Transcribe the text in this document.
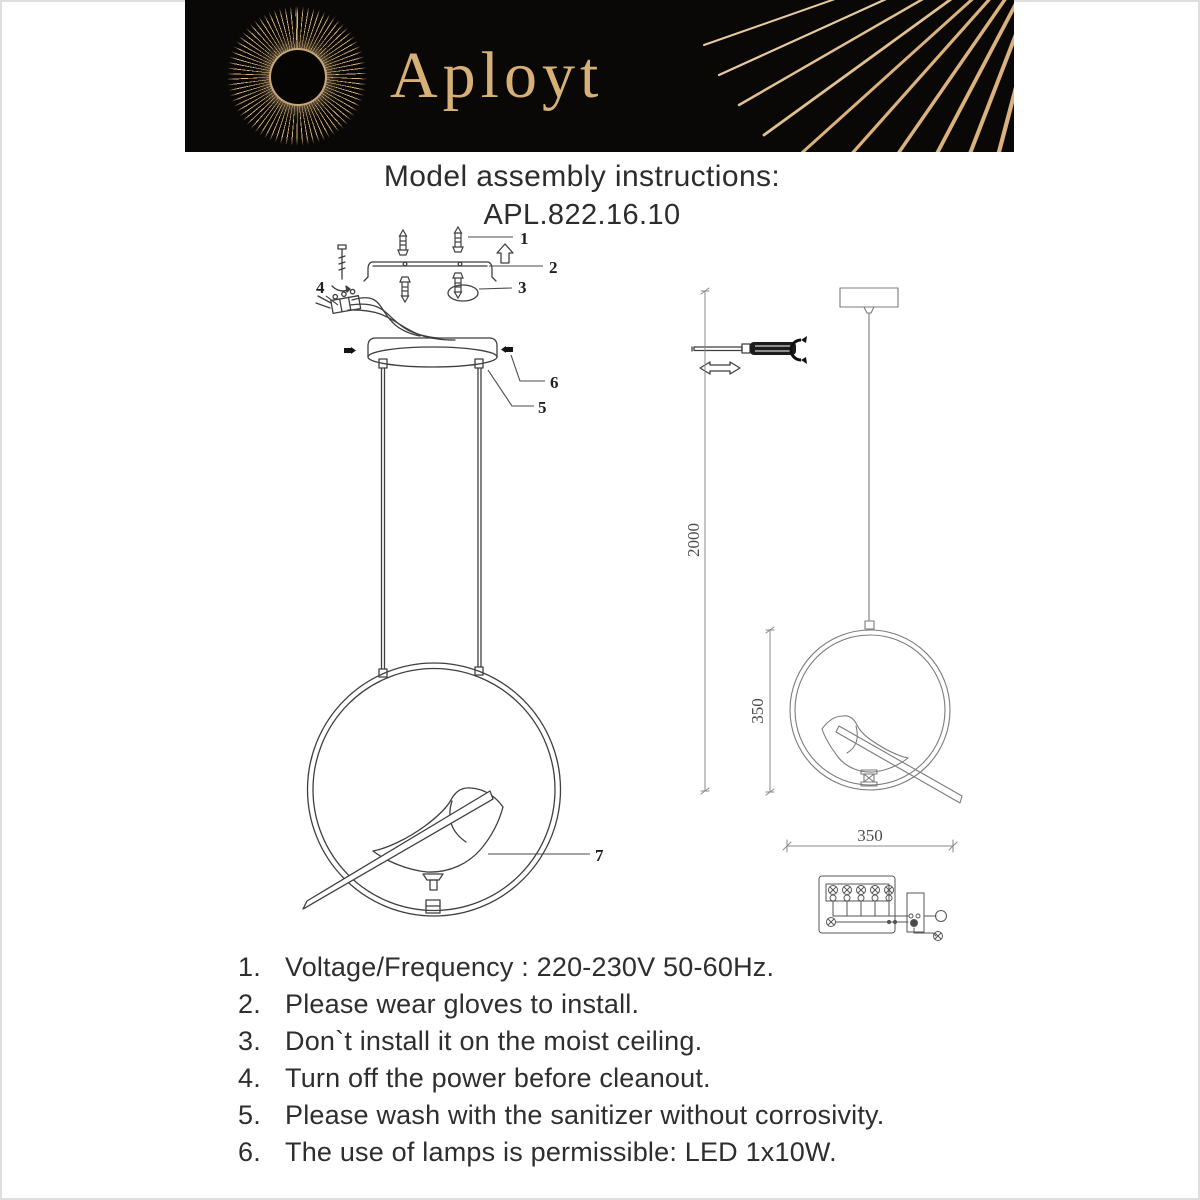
Aployt
Model assembly instructions:
APL.822.16.10
1
2
3
4
5
6
7
2000
350
350
1. Voltage/Frequency : 220-230V 50-60Hz.
2. Please wear gloves to install.
3. Don`t install it on the moist ceiling.
4. Turn off the power before cleanout.
5. Please wash with the sanitizer without corrosivity.
6. The use of lamps is permissible: LED 1x10W.
